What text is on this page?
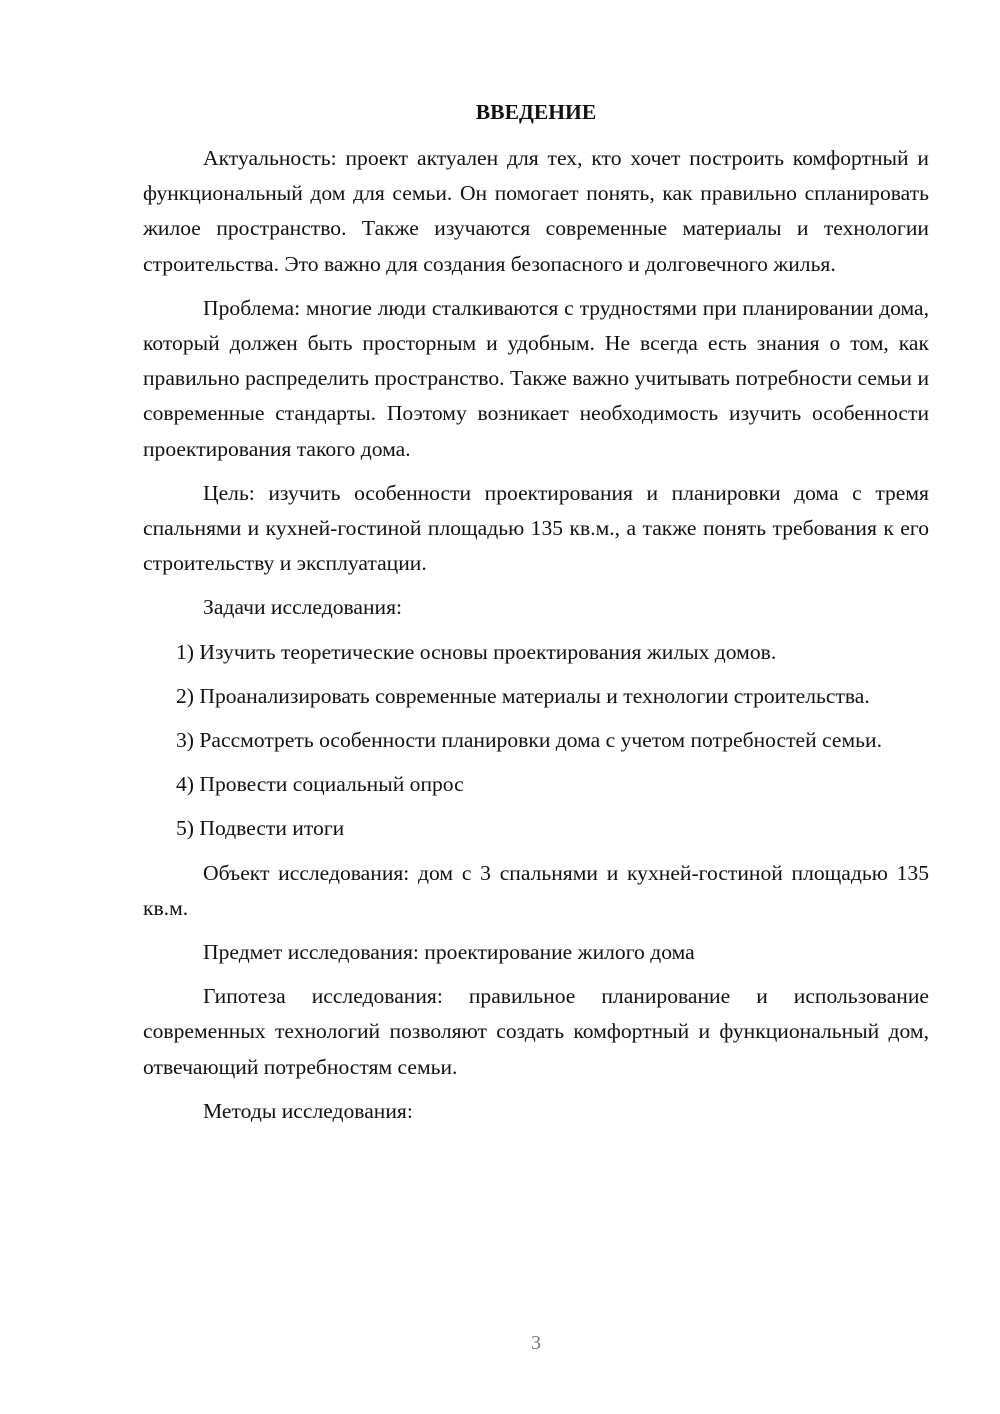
ВВЕДЕНИЕ

Актуальность: проект актуален для тех, кто хочет построить комфортный и функциональный дом для семьи. Он помогает понять, как правильно спланировать жилое пространство. Также изучаются современные материалы и технологии строительства. Это важно для создания безопасного и долговечного жилья.

Проблема: многие люди сталкиваются с трудностями при планировании дома, который должен быть просторным и удобным. Не всегда есть знания о том, как правильно распределить пространство. Также важно учитывать потребности семьи и современные стандарты. Поэтому возникает необходимость изучить особенности проектирования такого дома.

Цель: изучить особенности проектирования и планировки дома с тремя спальнями и кухней-гостиной площадью 135 кв.м., а также понять требования к его строительству и эксплуатации.

Задачи исследования:

1) Изучить теоретические основы проектирования жилых домов.

2) Проанализировать современные материалы и технологии строительства.

3) Рассмотреть особенности планировки дома с учетом потребностей семьи.

4) Провести социальный опрос

5) Подвести итоги

Объект исследования: дом с 3 спальнями и кухней-гостиной площадью 135 кв.м.

Предмет исследования: проектирование жилого дома

Гипотеза исследования: правильное планирование и использование современных технологий позволяют создать комфортный и функциональный дом, отвечающий потребностям семьи.

Методы исследования:

3
